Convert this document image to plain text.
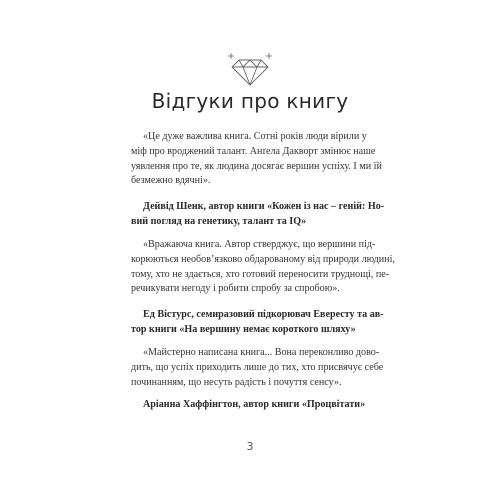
Відгуки про книгу
«Це дуже важлива книга. Сотні років люди вірили у
міф про вроджений талант. Анґела Дакворт змінює наше
уявлення про те, як людина досягає вершин успіху. І ми їй
безмежно вдячні».
Дейвід Шенк, автор книги «Кожен із нас – геній: Но-
вий погляд на генетику, талант та IQ»
«Вражаюча книга. Автор стверджує, що вершини під-
корюються необов’язково обдарованому від природи людині,
тому, хто не здається, хто готовий переносити труднощі, пе-
речикувати негоду і робити спробу за спробою».
Ед Вістурс, семиразовий підкорювач Евересту та ав-
тор книги «На вершину немає короткого шляху»
«Майстерно написана книга... Вона переконливо дово-
дить, що успіх приходить лише до тих, хто присвячує себе
починанням, що несуть радість і почуття сенсу».
Аріанна Хаффінгтон, автор книги «Процвітати»
3
